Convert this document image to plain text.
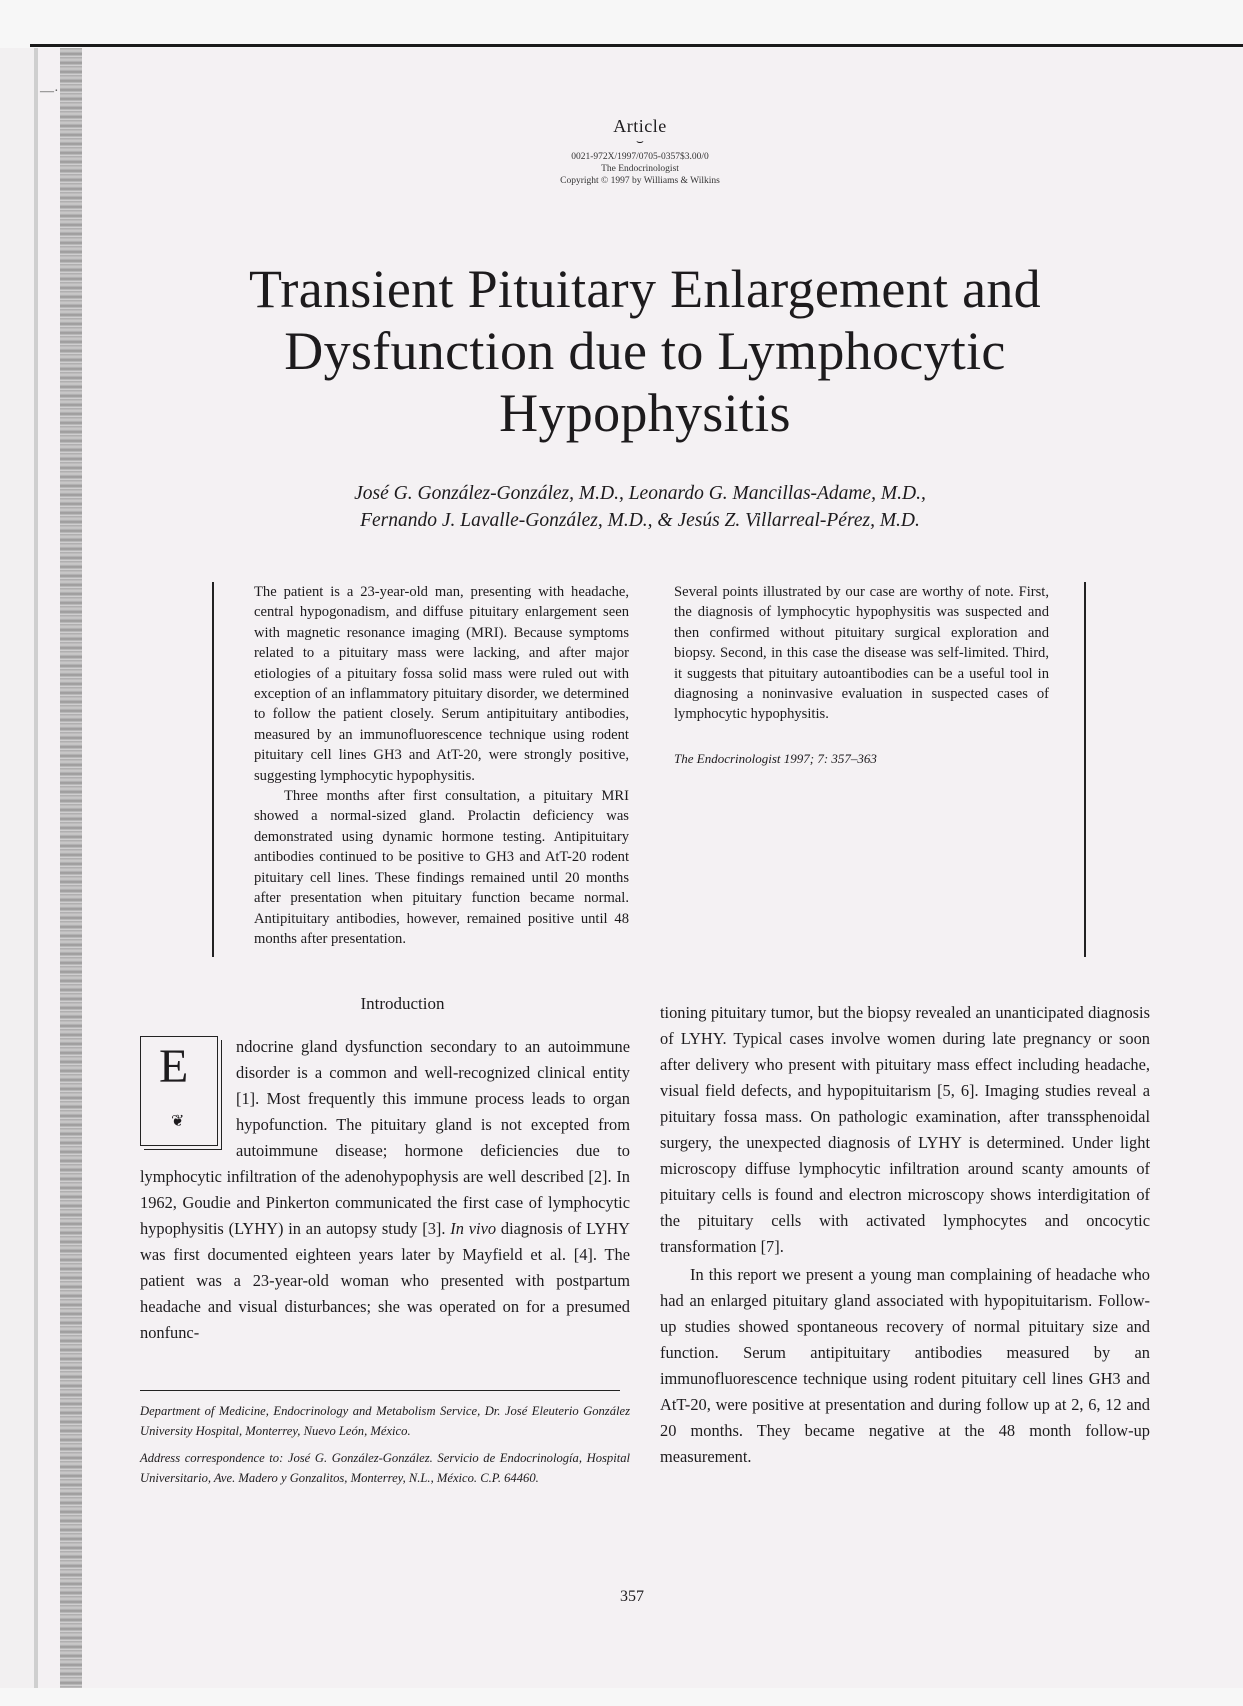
—·
Article
⌣
0021-972X/1997/0705-0357$3.00/0
The Endocrinologist
Copyright © 1997 by Williams & Wilkins
Transient Pituitary Enlargement and Dysfunction due to Lymphocytic Hypophysitis
José G. González-González, M.D., Leonardo G. Mancillas-Adame, M.D.,
Fernando J. Lavalle-González, M.D., & Jesús Z. Villarreal-Pérez, M.D.

The patient is a 23-year-old man, presenting with headache, central hypogonadism, and diffuse pituitary enlargement seen with magnetic resonance imaging (MRI). Because symptoms related to a pituitary mass were lacking, and after major etiologies of a pituitary fossa solid mass were ruled out with exception of an inflammatory pituitary disorder, we determined to follow the patient closely. Serum antipituitary antibodies, measured by an immunofluorescence technique using rodent pituitary cell lines GH3 and AtT-20, were strongly positive, suggesting lymphocytic hypophysitis.

Three months after first consultation, a pituitary MRI showed a normal-sized gland. Prolactin deficiency was demonstrated using dynamic hormone testing. Antipituitary antibodies continued to be positive to GH3 and AtT-20 rodent pituitary cell lines. These findings remained until 20 months after presentation when pituitary function became normal. Antipituitary antibodies, however, remained positive until 48 months after presentation.

Several points illustrated by our case are worthy of note. First, the diagnosis of lymphocytic hypophysitis was suspected and then confirmed without pituitary surgical exploration and biopsy. Second, in this case the disease was self-limited. Third, it suggests that pituitary autoantibodies can be a useful tool in diagnosing a noninvasive evaluation in suspected cases of lymphocytic hypophysitis.

The Endocrinologist 1997; 7: 357–363

Introduction
E
❦

ndocrine gland dysfunction secondary to an autoimmune disorder is a common and well-recognized clinical entity [1]. Most frequently this immune process leads to organ hypofunction. The pituitary gland is not excepted from autoimmune disease; hormone deficiencies due to lymphocytic infiltration of the adenohypophysis are well described [2]. In 1962, Goudie and Pinkerton communicated the first case of lymphocytic hypophysitis (LYHY) in an autopsy study [3]. In vivo diagnosis of LYHY was first documented eighteen years later by Mayfield et al. [4]. The patient was a 23-year-old woman who presented with postpartum headache and visual disturbances; she was operated on for a presumed nonfunc-

tioning pituitary tumor, but the biopsy revealed an unanticipated diagnosis of LYHY. Typical cases involve women during late pregnancy or soon after delivery who present with pituitary mass effect including headache, visual field defects, and hypopituitarism [5, 6]. Imaging studies reveal a pituitary fossa mass. On pathologic examination, after transsphenoidal surgery, the unexpected diagnosis of LYHY is determined. Under light microscopy diffuse lymphocytic infiltration around scanty amounts of pituitary cells is found and electron microscopy shows interdigitation of the pituitary cells with activated lymphocytes and oncocytic transformation [7].

In this report we present a young man complaining of headache who had an enlarged pituitary gland associated with hypopituitarism. Follow-up studies showed spontaneous recovery of normal pituitary size and function. Serum antipituitary antibodies measured by an immunofluorescence technique using rodent pituitary cell lines GH3 and AtT-20, were positive at presentation and during follow up at 2, 6, 12 and 20 months. They became negative at the 48 month follow-up measurement.

Department of Medicine, Endocrinology and Metabolism Service, Dr. José Eleuterio González University Hospital, Monterrey, Nuevo León, México.

Address correspondence to: José G. González-González. Servicio de Endocrinología, Hospital Universitario, Ave. Madero y Gonzalitos, Monterrey, N.L., México. C.P. 64460.

357
